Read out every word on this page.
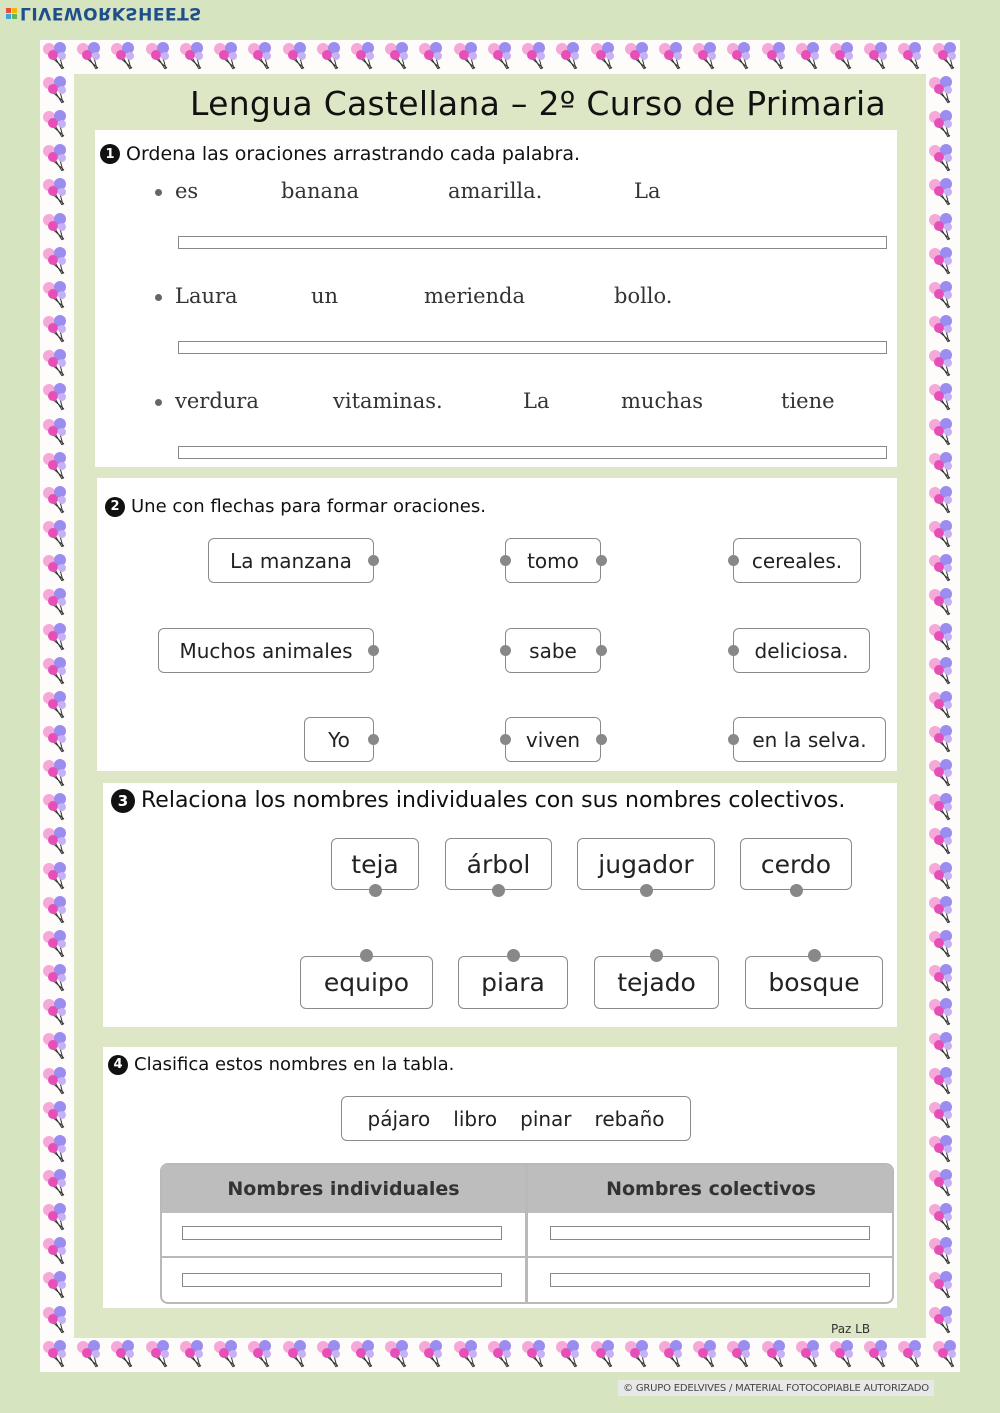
LIVEWORKSHEETS
Lengua Castellana – 2º Curso de Primaria
1 Ordena las oraciones arrastrando cada palabra.
es	banana	amarilla.	La
Laura	un	merienda	bollo.
verdura	vitaminas.	La	muchas	tiene
2 Une con flechas para formar oraciones.
La manzana
Muchos animales
Yo
tomo
sabe
viven
cereales.
deliciosa.
en la selva.
3 Relaciona los nombres individuales con sus nombres colectivos.
teja	árbol	jugador	cerdo
equipo	piara	tejado	bosque
4 Clasifica estos nombres en la tabla.
pájaro libro pinar rebaño
Nombres individuales	Nombres colectivos
Paz LB
© GRUPO EDELVIVES / MATERIAL FOTOCOPIABLE AUTORIZADO
